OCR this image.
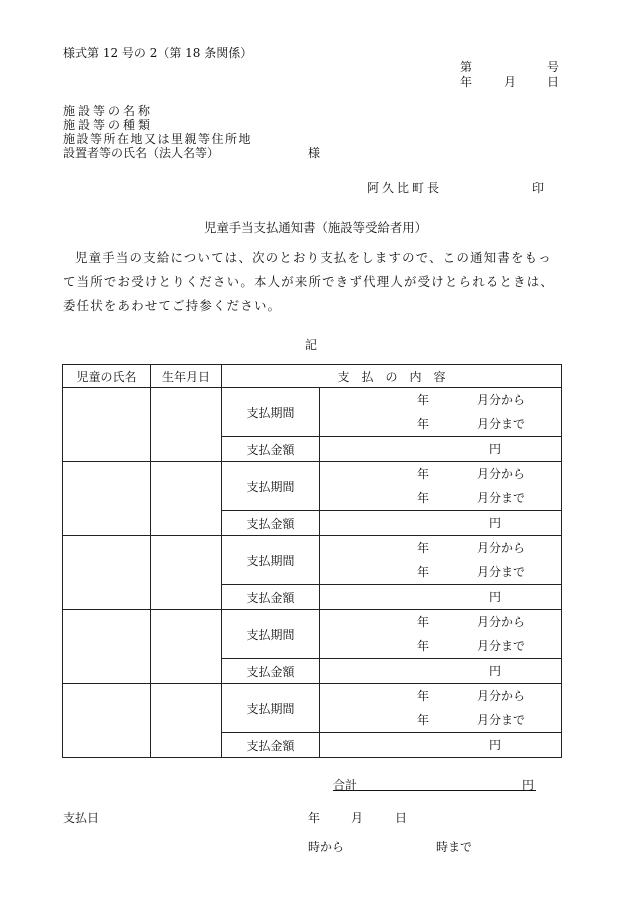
様式第 12 号の 2（第 18 条関係）
第	号
年	月	日
施設等の名称
施設等の種類
施設等所在地又は里親等住所地
設置者等の氏名（法人名等）	様
阿久比町長	印
児童手当支払通知書（施設等受給者用）
児童手当の支給については、次のとおり支払をしますので、この通知書をもって当所でお受けとりください。本人が来所できず代理人が受けとられるときは、委任状をあわせてご持参ください。
記
児童の氏名	生年月日	支　払　の　内　容	
		支払期間	年 月分から
年 月分まで

		支払金額	円

		支払期間	年 月分から
年 月分まで

		支払金額	円

		支払期間	年 月分から
年 月分まで

		支払金額	円

		支払期間	年 月分から
年 月分まで

		支払金額	円

		支払期間	年 月分から
年 月分まで

		支払金額	円
合計	円
支払日	年	月	日
時から	時まで
